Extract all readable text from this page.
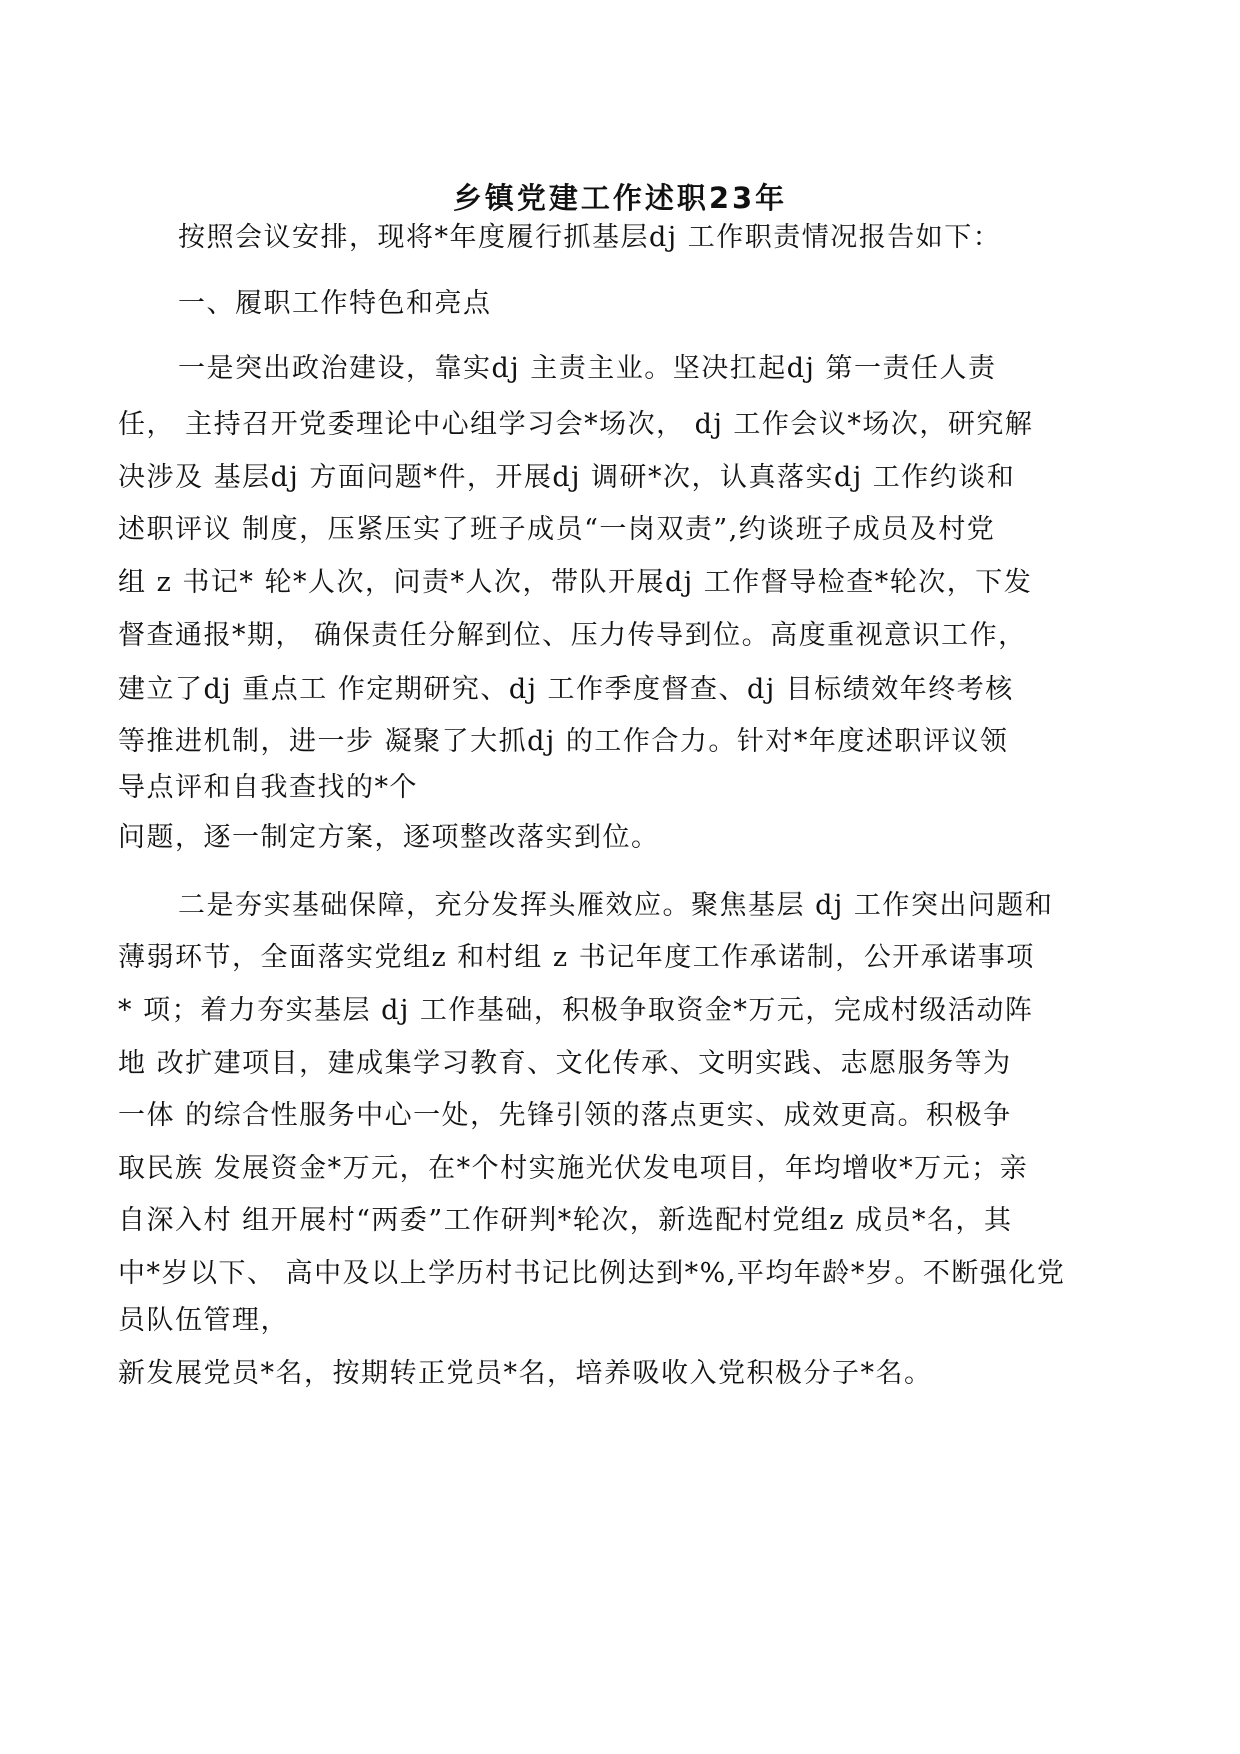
乡镇党建工作述职23年
按照会议安排，现将*年度履行抓基层dj 工作职责情况报告如下：
一、履职工作特色和亮点
一是突出政治建设，靠实dj 主责主业。坚决扛起dj 第一责任人责
任， 主持召开党委理论中心组学习会*场次， dj 工作会议*场次，研究解
决涉及 基层dj 方面问题*件，开展dj 调研*次，认真落实dj 工作约谈和
述职评议 制度，压紧压实了班子成员“一岗双责”,约谈班子成员及村党
组 z 书记* 轮*人次，问责*人次，带队开展dj 工作督导检查*轮次，下发
督查通报*期， 确保责任分解到位、压力传导到位。高度重视意识工作，
建立了dj 重点工 作定期研究、dj 工作季度督查、dj 目标绩效年终考核
等推进机制，进一步 凝聚了大抓dj 的工作合力。针对*年度述职评议领
导点评和自我查找的*个
问题，逐一制定方案，逐项整改落实到位。
二是夯实基础保障，充分发挥头雁效应。聚焦基层 dj 工作突出问题和
薄弱环节，全面落实党组z 和村组 z 书记年度工作承诺制，公开承诺事项
* 项；着力夯实基层 dj 工作基础，积极争取资金*万元，完成村级活动阵
地 改扩建项目，建成集学习教育、文化传承、文明实践、志愿服务等为
一体 的综合性服务中心一处，先锋引领的落点更实、成效更高。积极争
取民族 发展资金*万元，在*个村实施光伏发电项目，年均增收*万元；亲
自深入村 组开展村“两委”工作研判*轮次，新选配村党组z 成员*名，其
中*岁以下、 高中及以上学历村书记比例达到*%,平均年龄*岁。不断强化党
员队伍管理，
新发展党员*名，按期转正党员*名，培养吸收入党积极分子*名。
